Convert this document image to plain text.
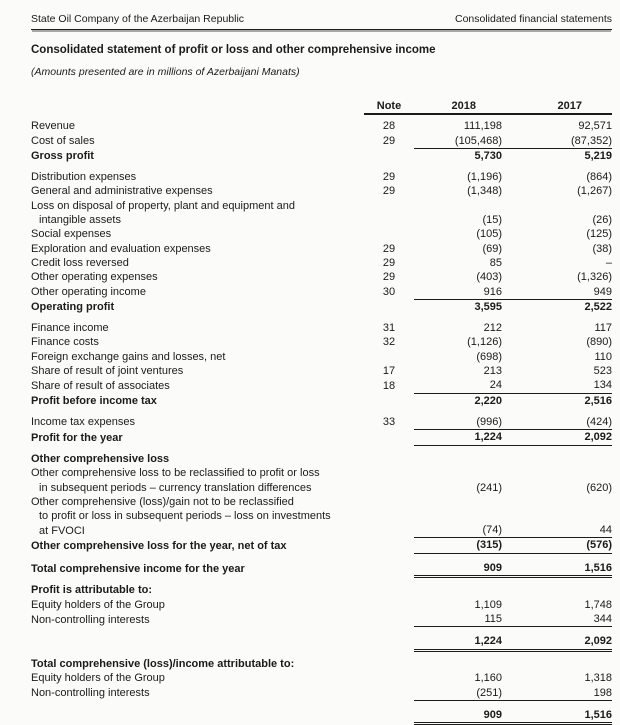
State Oil Company of the Azerbaijan Republic	Consolidated financial statements
Consolidated statement of profit or loss and other comprehensive income

(Amounts presented are in millions of Azerbaijani Manats)

	Note	2018	2017

Revenue	28	111,198	92,571

Cost of sales	29	(105,468)	(87,352)

Gross profit		5,730	5,219

Distribution expenses	29	(1,196)	(864)

General and administrative expenses	29	(1,348)	(1,267)

Loss on disposal of property, plant and equipment and
intangible assets		(15)	(26)

Social expenses		(105)	(125)

Exploration and evaluation expenses	29	(69)	(38)

Credit loss reversed	29	85	–

Other operating expenses	29	(403)	(1,326)

Other operating income	30	916	949

Operating profit		3,595	2,522

Finance income	31	212	117

Finance costs	32	(1,126)	(890)

Foreign exchange gains and losses, net		(698)	110

Share of result of joint ventures	17	213	523

Share of result of associates	18	24	134

Profit before income tax		2,220	2,516

Income tax expenses	33	(996)	(424)

Profit for the year		1,224	2,092

Other comprehensive loss			

Other comprehensive loss to be reclassified to profit or loss
in subsequent periods – currency translation differences		(241)	(620)

Other comprehensive (loss)/gain not to be reclassified
to profit or loss in subsequent periods – loss on investments
at FVOCI		(74)	44

Other comprehensive loss for the year, net of tax		(315)	(576)

Total comprehensive income for the year		909	1,516

Profit is attributable to:			

Equity holders of the Group		1,109	1,748

Non-controlling interests		115	344

		1,224	2,092

Total comprehensive (loss)/income attributable to:			

Equity holders of the Group		1,160	1,318

Non-controlling interests		(251)	198

		909	1,516
